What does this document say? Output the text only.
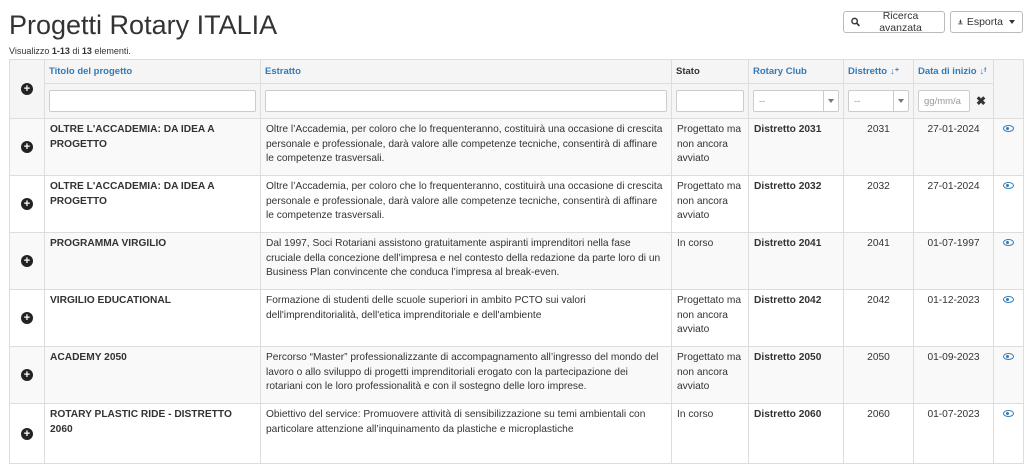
Progetti Rotary ITALIA
Visualizzo 1-13 di 13 elementi.
Ricerca avanzata	Esporta
+	Titolo del progetto	Estratto	Stato	Rotary Club	Distretto ↓⁺	Data di inizio ↓ᶠ	

				--	--	gg/mm/a ✖	

+	OLTRE L'ACCADEMIA: DA IDEA A PROGETTO	Oltre l’Accademia, per coloro che lo frequenteranno, costituirà una occasione di crescita personale e professionale, darà valore alle competenze tecniche, consentirà di affinare le competenze trasversali.	Progettato ma non ancora avviato	Distretto 2031	2031	27-01-2024	

+	OLTRE L'ACCADEMIA: DA IDEA A PROGETTO	Oltre l’Accademia, per coloro che lo frequenteranno, costituirà una occasione di crescita personale e professionale, darà valore alle competenze tecniche, consentirà di affinare le competenze trasversali.	Progettato ma non ancora avviato	Distretto 2032	2032	27-01-2024	

+	PROGRAMMA VIRGILIO	Dal 1997, Soci Rotariani assistono gratuitamente aspiranti imprenditori nella fase cruciale della concezione dell’impresa e nel contesto della redazione da parte loro di un Business Plan convincente che conduca l’impresa al break-even.	In corso	Distretto 2041	2041	01-07-1997	

+	VIRGILIO EDUCATIONAL	Formazione di studenti delle scuole superiori in ambito PCTO sui valori dell'imprenditorialità, dell'etica imprenditoriale e dell'ambiente	Progettato ma non ancora avviato	Distretto 2042	2042	01-12-2023	

+	ACADEMY 2050	Percorso “Master” professionalizzante di accompagnamento all’ingresso del mondo del lavoro o allo sviluppo di progetti imprenditoriali erogato con la partecipazione dei rotariani con le loro professionalità e con il sostegno delle loro imprese.	Progettato ma non ancora avviato	Distretto 2050	2050	01-09-2023	

+	ROTARY PLASTIC RIDE - DISTRETTO 2060	Obiettivo del service: Promuovere attività di sensibilizzazione su temi ambientali con particolare attenzione all’inquinamento da plastiche e microplastiche	In corso	Distretto 2060	2060	01-07-2023	
